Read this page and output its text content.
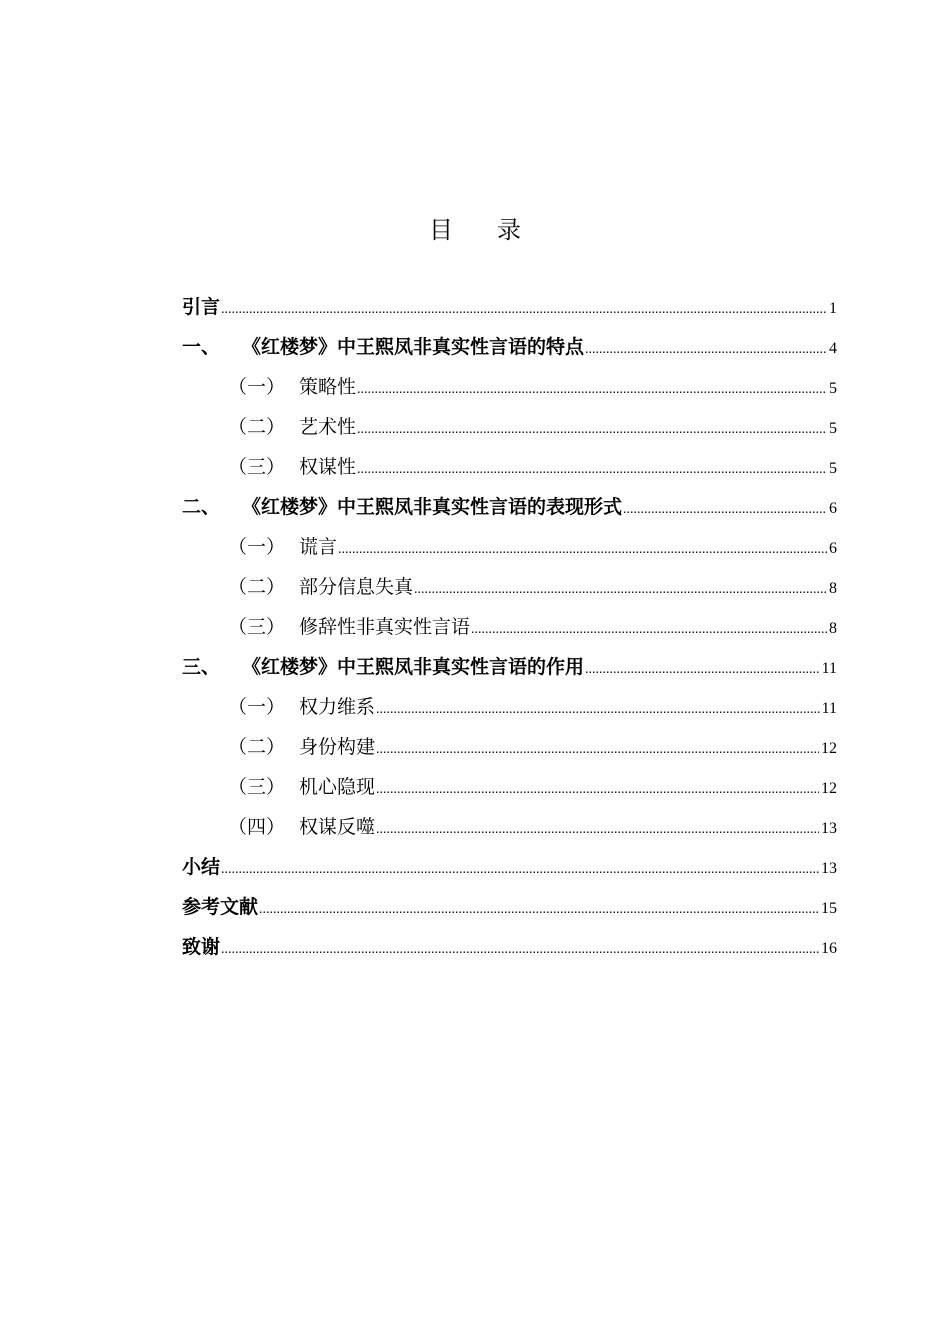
目 录
引言 .....	1
一、 《红楼梦》中王熙凤非真实性言语的特点 .....	4
（一） 策略性 .....	5
（二） 艺术性 .....	5
（三） 权谋性 .....	5
二、 《红楼梦》中王熙凤非真实性言语的表现形式 .....	6
（一） 谎言 .....	6
（二） 部分信息失真 .....	8
（三） 修辞性非真实性言语 .....	8
三、 《红楼梦》中王熙凤非真实性言语的作用 .....	11
（一） 权力维系 .....	11
（二） 身份构建 .....	12
（三） 机心隐现 .....	12
（四） 权谋反噬 .....	13
小结 .....	13
参考文献 .....	15
致谢 .....	16
